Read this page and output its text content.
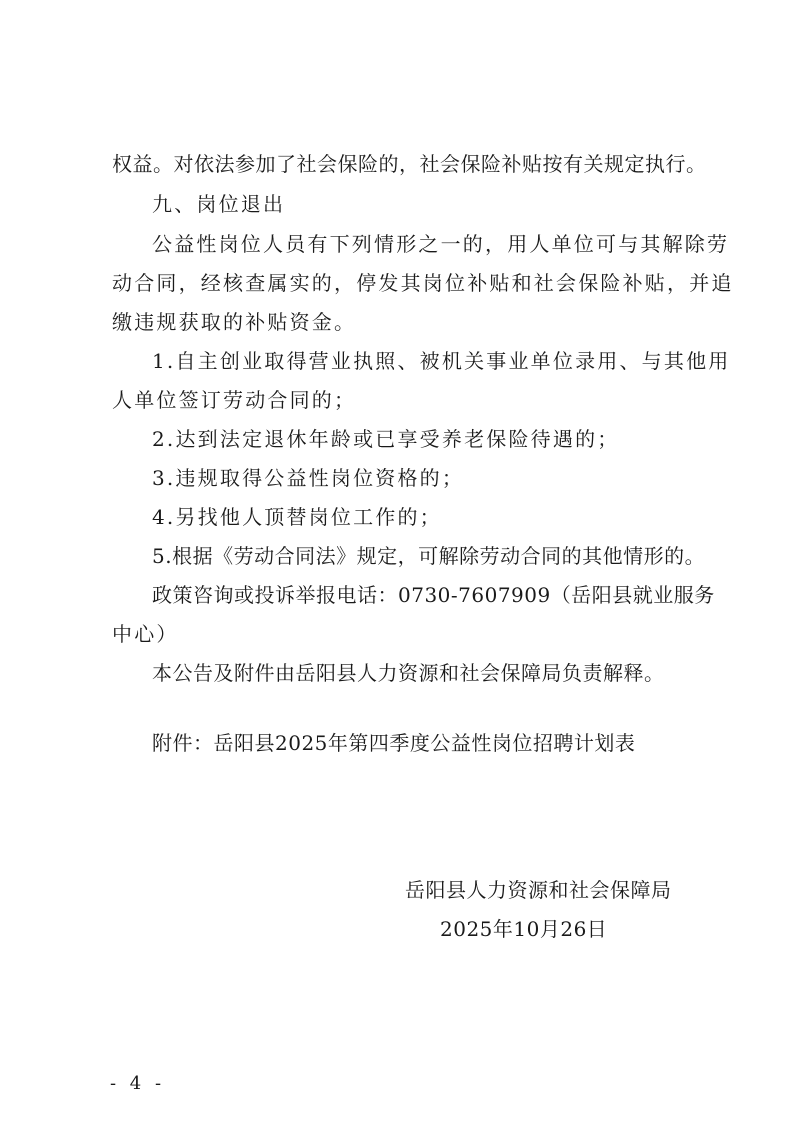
权益。对依法参加了社会保险的，社会保险补贴按有关规定执行。
九、岗位退出
公益性岗位人员有下列情形之一的，用人单位可与其解除劳
动合同，经核查属实的，停发其岗位补贴和社会保险补贴，并追
缴违规获取的补贴资金。
1.自主创业取得营业执照、被机关事业单位录用、与其他用
人单位签订劳动合同的；
2.达到法定退休年龄或已享受养老保险待遇的；
3.违规取得公益性岗位资格的；
4.另找他人顶替岗位工作的；
5.根据《劳动合同法》规定，可解除劳动合同的其他情形的。
政策咨询或投诉举报电话：0730-7607909（岳阳县就业服务
中心）
本公告及附件由岳阳县人力资源和社会保障局负责解释。
附件：岳阳县2025年第四季度公益性岗位招聘计划表
岳阳县人力资源和社会保障局
2025年10月26日
- 4 -
